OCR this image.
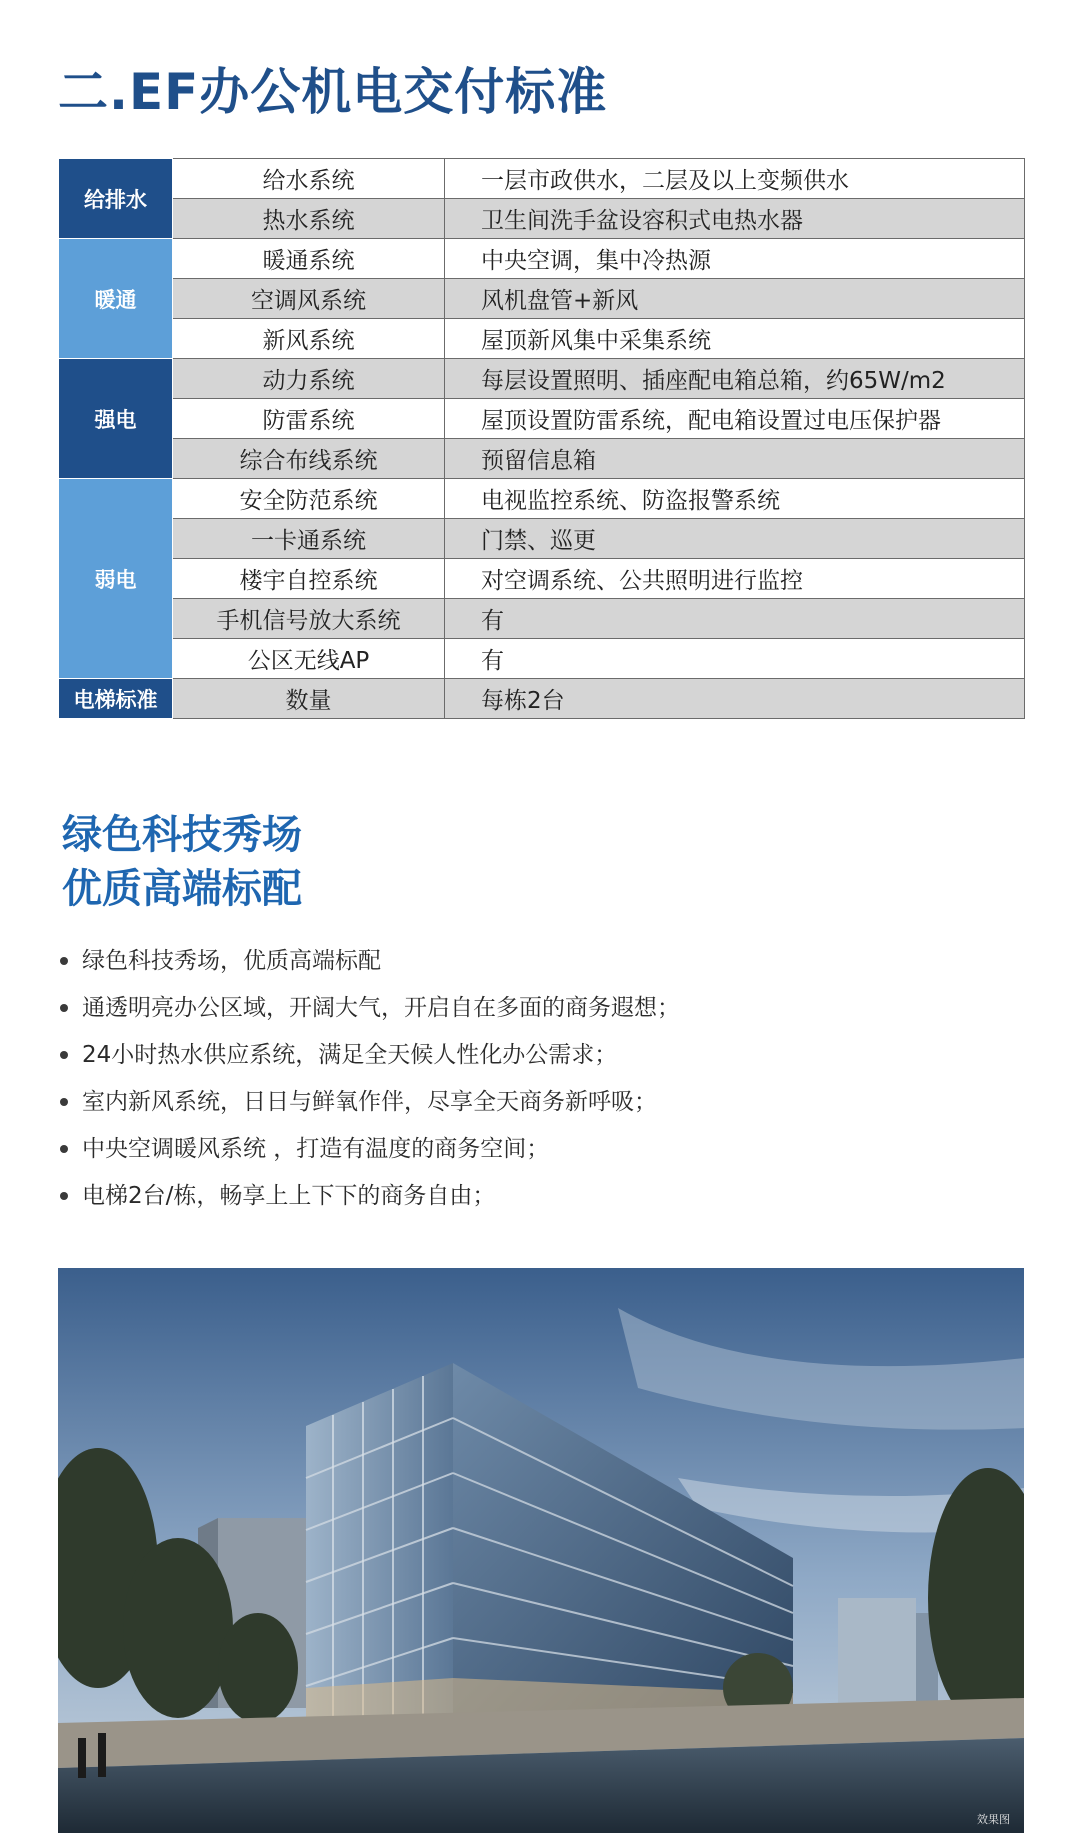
二.EF办公机电交付标准
给排水	给水系统	一层市政供水，二层及以上变频供水
	热水系统	卫生间洗手盆设容积式电热水器
暖通	暖通系统	中央空调，集中冷热源
	空调风系统	风机盘管+新风
	新风系统	屋顶新风集中采集系统
强电	动力系统	每层设置照明、插座配电箱总箱，约65W/m2
	防雷系统	屋顶设置防雷系统，配电箱设置过电压保护器
	综合布线系统	预留信息箱
弱电	安全防范系统	电视监控系统、防盗报警系统
	一卡通系统	门禁、巡更
	楼宇自控系统	对空调系统、公共照明进行监控
	手机信号放大系统	有
	公区无线AP	有
电梯标准	数量	每栋2台
绿色科技秀场
优质高端标配
绿色科技秀场，优质高端标配
通透明亮办公区域，开阔大气，开启自在多面的商务遐想；
24小时热水供应系统，满足全天候人性化办公需求；
室内新风系统，日日与鲜氧作伴，尽享全天商务新呼吸；
中央空调暖风系统 ，打造有温度的商务空间；
电梯2台/栋，畅享上上下下的商务自由；
效果图
